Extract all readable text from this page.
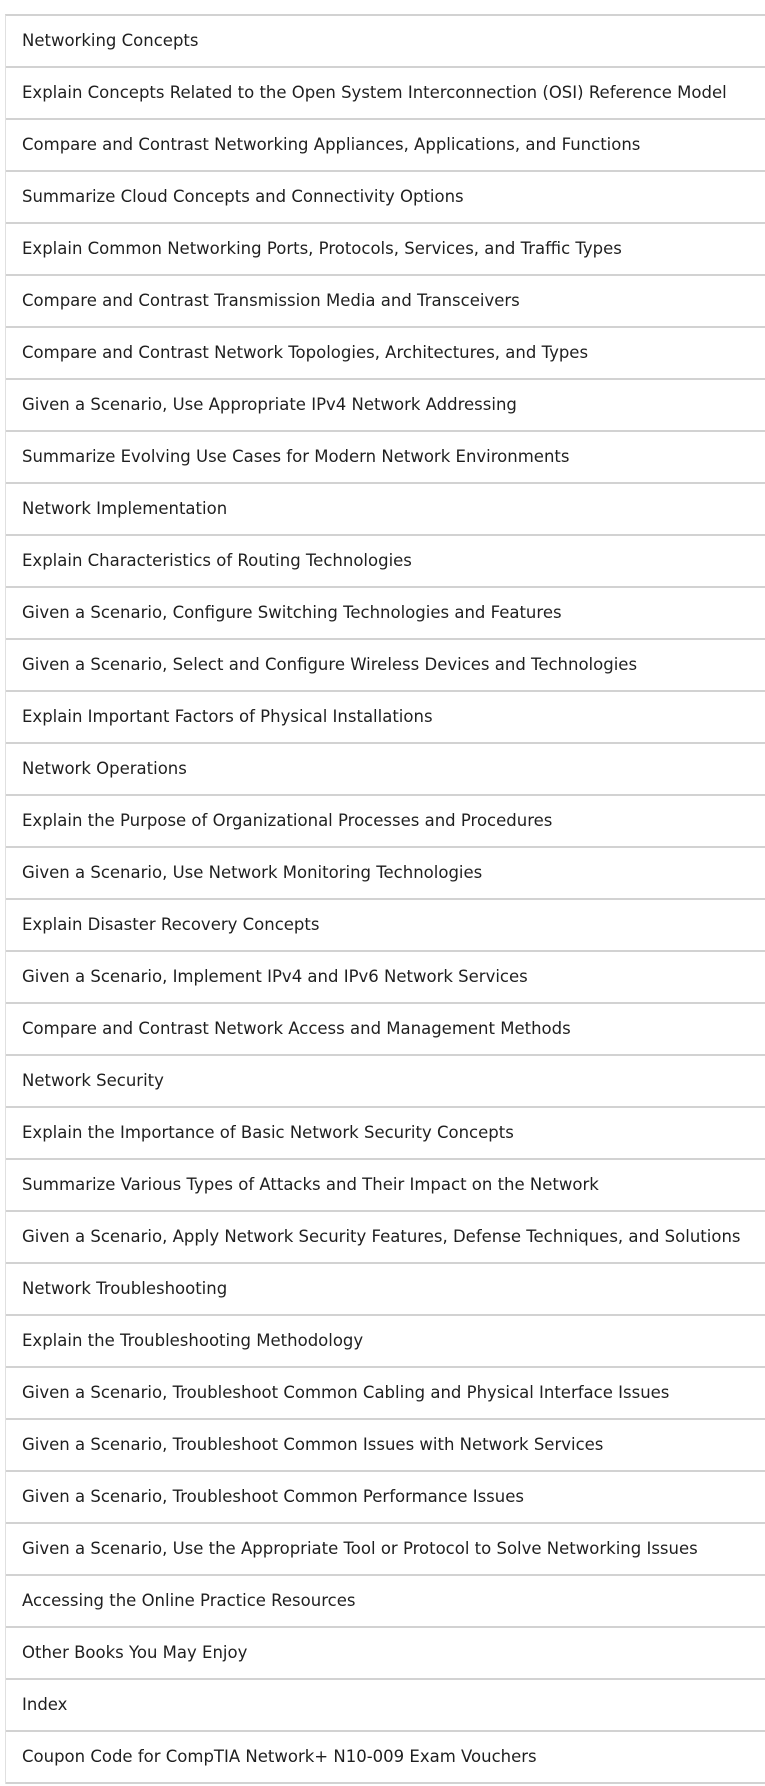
Networking Concepts
Explain Concepts Related to the Open System Interconnection (OSI) Reference Model
Compare and Contrast Networking Appliances, Applications, and Functions
Summarize Cloud Concepts and Connectivity Options
Explain Common Networking Ports, Protocols, Services, and Traffic Types
Compare and Contrast Transmission Media and Transceivers
Compare and Contrast Network Topologies, Architectures, and Types
Given a Scenario, Use Appropriate IPv4 Network Addressing
Summarize Evolving Use Cases for Modern Network Environments
Network Implementation
Explain Characteristics of Routing Technologies
Given a Scenario, Configure Switching Technologies and Features
Given a Scenario, Select and Configure Wireless Devices and Technologies
Explain Important Factors of Physical Installations
Network Operations
Explain the Purpose of Organizational Processes and Procedures
Given a Scenario, Use Network Monitoring Technologies
Explain Disaster Recovery Concepts
Given a Scenario, Implement IPv4 and IPv6 Network Services
Compare and Contrast Network Access and Management Methods
Network Security
Explain the Importance of Basic Network Security Concepts
Summarize Various Types of Attacks and Their Impact on the Network
Given a Scenario, Apply Network Security Features, Defense Techniques, and Solutions
Network Troubleshooting
Explain the Troubleshooting Methodology
Given a Scenario, Troubleshoot Common Cabling and Physical Interface Issues
Given a Scenario, Troubleshoot Common Issues with Network Services
Given a Scenario, Troubleshoot Common Performance Issues
Given a Scenario, Use the Appropriate Tool or Protocol to Solve Networking Issues
Accessing the Online Practice Resources
Other Books You May Enjoy
Index
Coupon Code for CompTIA Network+ N10-009 Exam Vouchers
